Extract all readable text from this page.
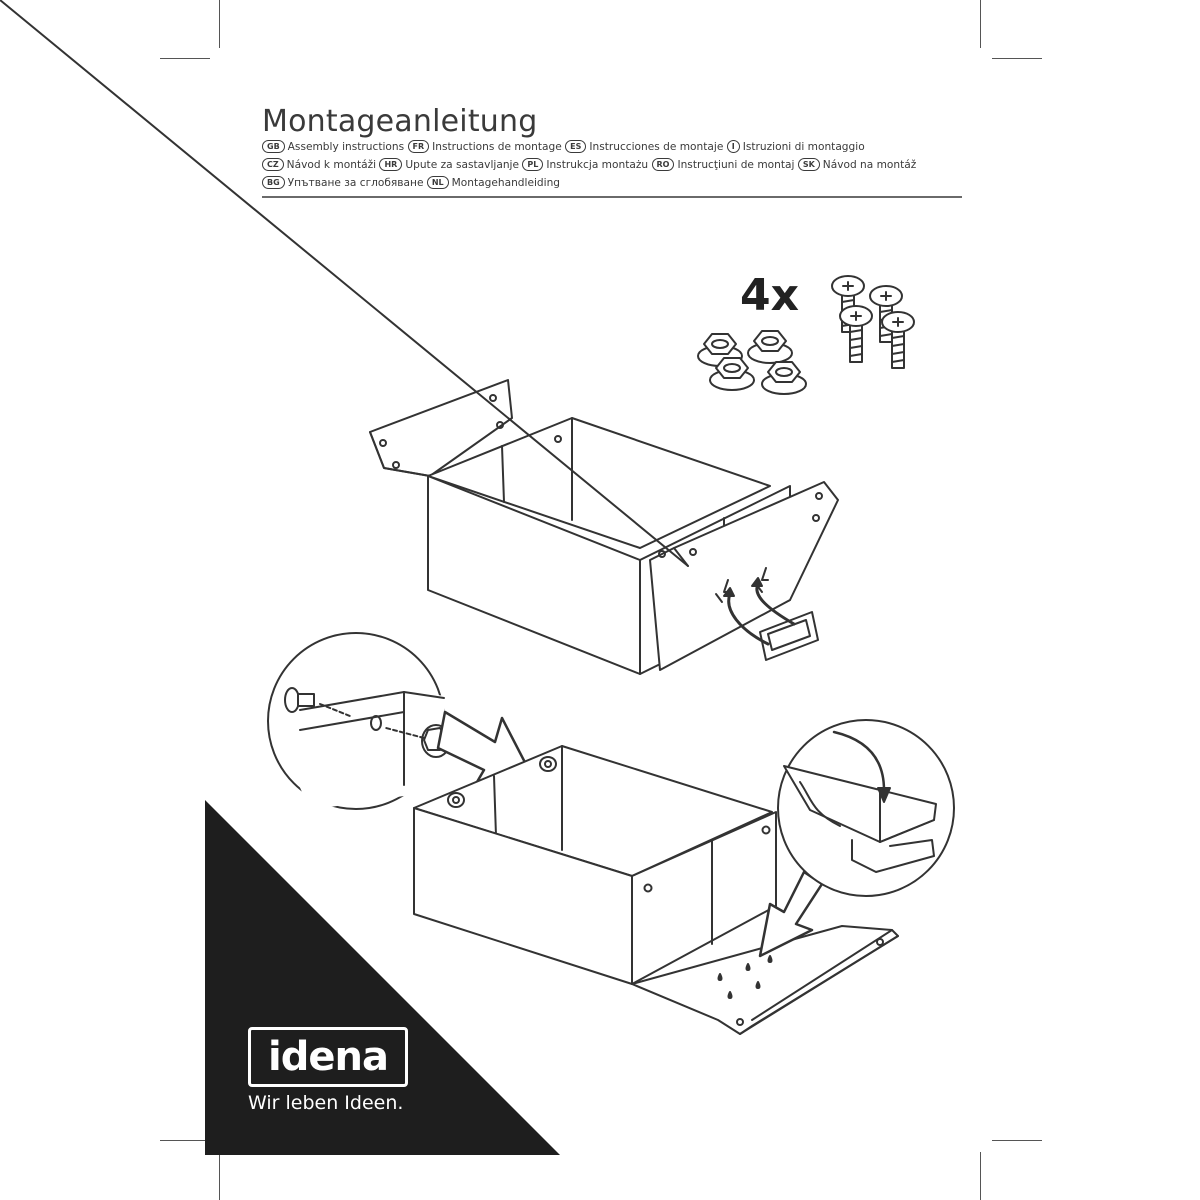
Montageanleitung
GB Assembly instructions FR Instructions de montage ES Instrucciones de montaje I Istruzioni di montaggio CZ Návod k montáži HR Upute za sastavljanje PL Instrukcja montażu RO Instrucţiuni de montaj SK Návod na montáž BG Упътване за сглобяване NL Montagehandleiding
4x
idena
Wir leben Ideen.
